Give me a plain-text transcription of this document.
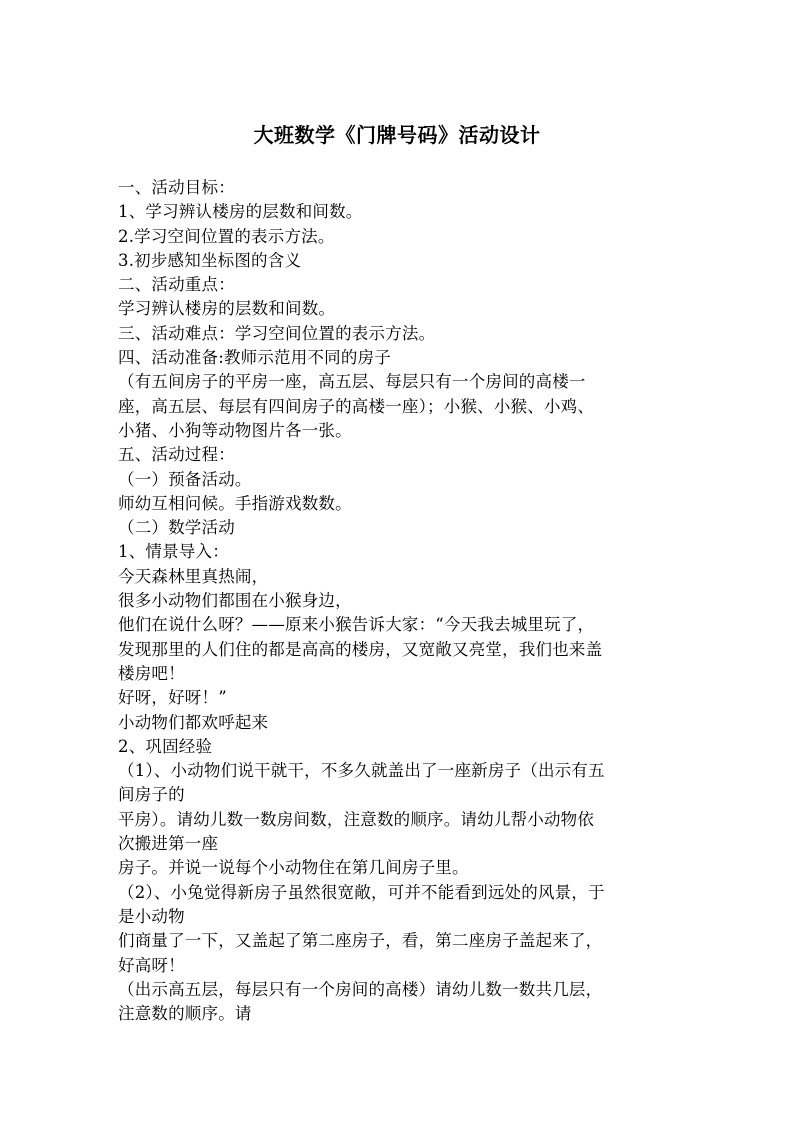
大班数学《门牌号码》活动设计
一、活动目标：
1、学习辨认楼房的层数和间数。
2.学习空间位置的表示方法。
3.初步感知坐标图的含义
二、活动重点：
学习辨认楼房的层数和间数。
三、活动难点：学习空间位置的表示方法。
四、活动准备:教师示范用不同的房子
（有五间房子的平房一座，高五层、每层只有一个房间的高楼一
座，高五层、每层有四间房子的高楼一座）；小猴、小猴、小鸡、
小猪、小狗等动物图片各一张。
五、活动过程：
（一）预备活动。
师幼互相问候。手指游戏数数。
（二）数学活动
1、情景导入：
今天森林里真热闹，
很多小动物们都围在小猴身边，
他们在说什么呀？——原来小猴告诉大家：“今天我去城里玩了，
发现那里的人们住的都是高高的楼房，又宽敞又亮堂，我们也来盖
楼房吧！
好呀，好呀！”
小动物们都欢呼起来
2、巩固经验
（1）、小动物们说干就干，不多久就盖出了一座新房子（出示有五
间房子的
平房）。请幼儿数一数房间数，注意数的顺序。请幼儿帮小动物依
次搬进第一座
房子。并说一说每个小动物住在第几间房子里。
（2）、小兔觉得新房子虽然很宽敞，可并不能看到远处的风景，于
是小动物
们商量了一下，又盖起了第二座房子，看，第二座房子盖起来了，
好高呀！
（出示高五层，每层只有一个房间的高楼）请幼儿数一数共几层，
注意数的顺序。请
